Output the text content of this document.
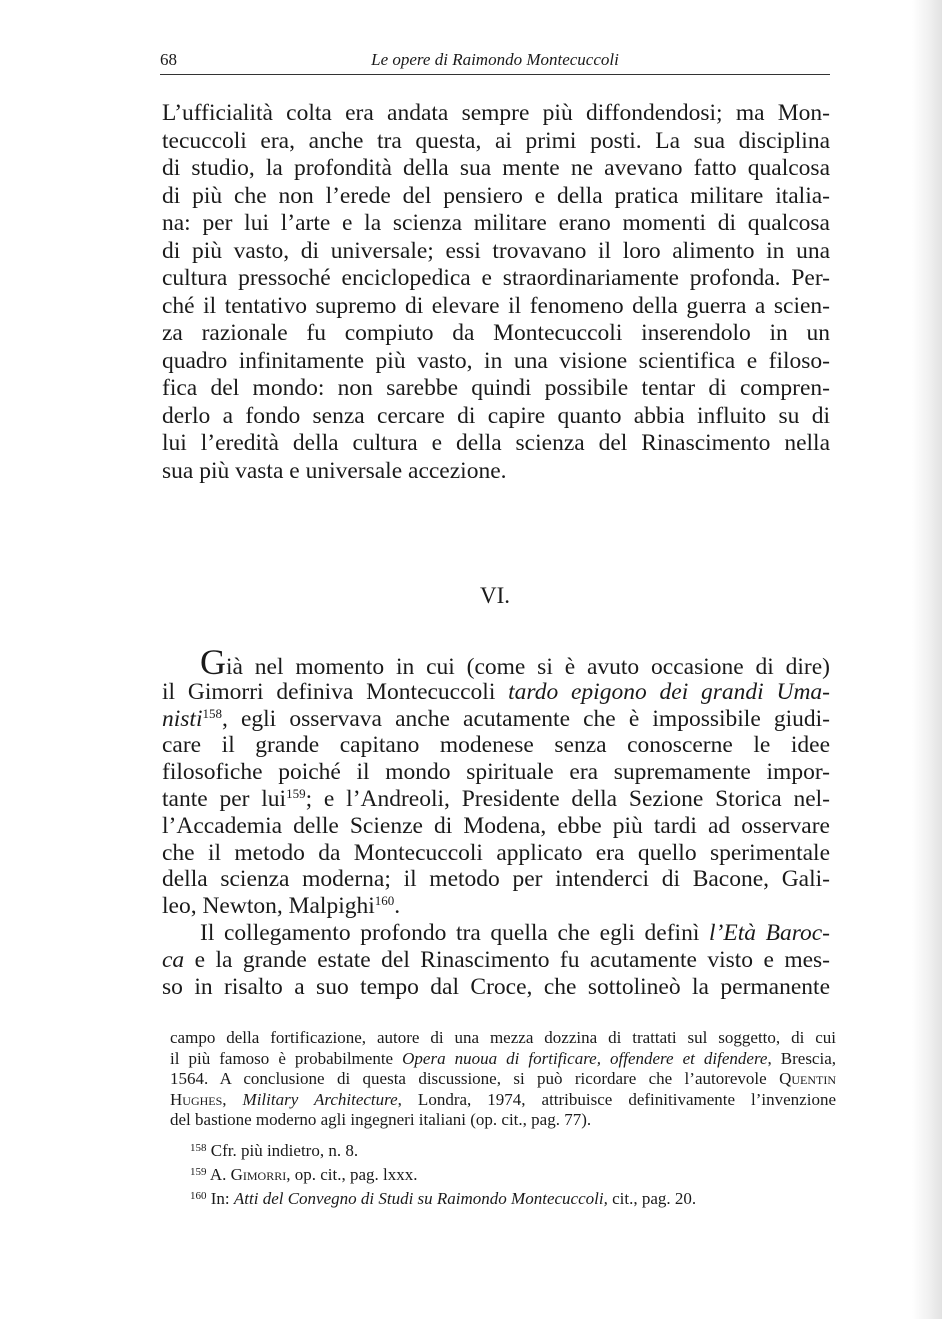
68	Le opere di Raimondo Montecuccoli
L’ufficialità colta era andata sempre più diffondendosi; ma Mon-
tecuccoli era, anche tra questa, ai primi posti. La sua disciplina
di studio, la profondità della sua mente ne avevano fatto qualcosa
di più che non l’erede del pensiero e della pratica militare italia-
na: per lui l’arte e la scienza militare erano momenti di qualcosa
di più vasto, di universale; essi trovavano il loro alimento in una
cultura pressoché enciclopedica e straordinariamente profonda. Per-
ché il tentativo supremo di elevare il fenomeno della guerra a scien-
za razionale fu compiuto da Montecuccoli inserendolo in un
quadro infinitamente più vasto, in una visione scientifica e filoso-
fica del mondo: non sarebbe quindi possibile tentar di compren-
derlo a fondo senza cercare di capire quanto abbia influito su di
lui l’eredità della cultura e della scienza del Rinascimento nella
sua più vasta e universale accezione.
VI.
Già nel momento in cui (come si è avuto occasione di dire)
il Gimorri definiva Montecuccoli tardo epigono dei grandi Uma-
nisti$^{158}$, egli osservava anche acutamente che è impossibile giudi-
care il grande capitano modenese senza conoscerne le idee
filosofiche poiché il mondo spirituale era supremamente impor-
tante per lui$^{159}$; e l’Andreoli, Presidente della Sezione Storica nel-
l’Accademia delle Scienze di Modena, ebbe più tardi ad osservare
che il metodo da Montecuccoli applicato era quello sperimentale
della scienza moderna; il metodo per intenderci di Bacone, Gali-
leo, Newton, Malpighi$^{160}$.
Il collegamento profondo tra quella che egli definì l’Età Baroc-
ca e la grande estate del Rinascimento fu acutamente visto e mes-
so in risalto a suo tempo dal Croce, che sottolineò la permanente
campo della fortificazione, autore di una mezza dozzina di trattati sul soggetto, di cui
il più famoso è probabilmente Opera nuoua di fortificare, offendere et difendere, Brescia,
1564. A conclusione di questa discussione, si può ricordare che l’autorevole Quentin
Hughes, Military Architecture, Londra, 1974, attribuisce definitivamente l’invenzione
del bastione moderno agli ingegneri italiani (op. cit., pag. 77).
$^{158}$ Cfr. più indietro, n. 8.
$^{159}$ A. Gimorri, op. cit., pag. lxxx.
$^{160}$ In: Atti del Convegno di Studi su Raimondo Montecuccoli, cit., pag. 20.
